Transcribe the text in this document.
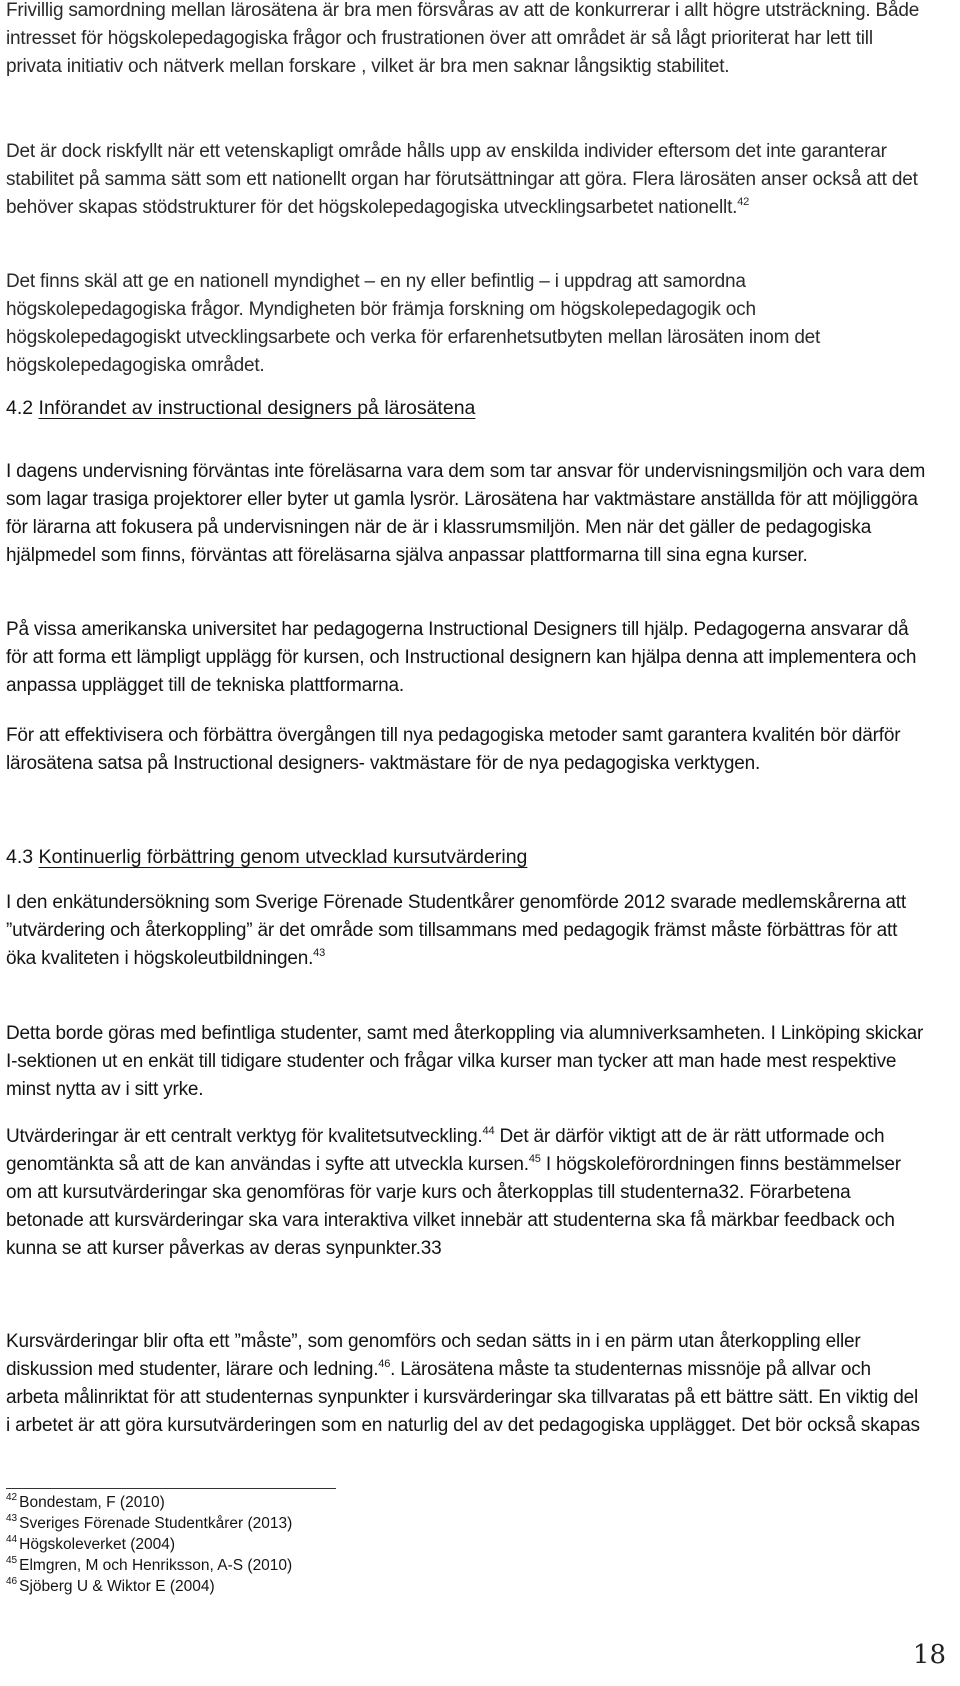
Frivillig samordning mellan lärosätena är bra men försvåras av att de konkurrerar i allt högre utsträckning. Både intresset för högskolepedagogiska frågor och frustrationen över att området är så lågt prioriterat har lett till privata initiativ och nätverk mellan forskare , vilket är bra men saknar långsiktig stabilitet.

Det är dock riskfyllt när ett vetenskapligt område hålls upp av enskilda individer eftersom det inte garanterar stabilitet på samma sätt som ett nationellt organ har förutsättningar att göra. Flera lärosäten anser också att det behöver skapas stödstrukturer för det högskolepedagogiska utvecklingsarbetet nationellt.$^{42}$

Det finns skäl att ge en nationell myndighet – en ny eller befintlig – i uppdrag att samordna högskolepedagogiska frågor. Myndigheten bör främja forskning om högskolepedagogik och högskolepedagogiskt utvecklingsarbete och verka för erfarenhetsutbyten mellan lärosäten inom det högskolepedagogiska området.

4.2 Införandet av instructional designers på lärosätena

I dagens undervisning förväntas inte föreläsarna vara dem som tar ansvar för undervisningsmiljön och vara dem som lagar trasiga projektorer eller byter ut gamla lysrör. Lärosätena har vaktmästare anställda för att möjliggöra för lärarna att fokusera på undervisningen när de är i klassrumsmiljön. Men när det gäller de pedagogiska hjälpmedel som finns, förväntas att föreläsarna själva anpassar plattformarna till sina egna kurser.

På vissa amerikanska universitet har pedagogerna Instructional Designers till hjälp. Pedagogerna ansvarar då för att forma ett lämpligt upplägg för kursen, och Instructional designern kan hjälpa denna att implementera och anpassa upplägget till de tekniska plattformarna.

För att effektivisera och förbättra övergången till nya pedagogiska metoder samt garantera kvalitén bör därför lärosätena satsa på Instructional designers- vaktmästare för de nya pedagogiska verktygen.

4.3 Kontinuerlig förbättring genom utvecklad kursutvärdering

I den enkätundersökning som Sverige Förenade Studentkårer genomförde 2012 svarade medlemskårerna att ”utvärdering och återkoppling” är det område som tillsammans med pedagogik främst måste förbättras för att öka kvaliteten i högskoleutbildningen.$^{43}$

Detta borde göras med befintliga studenter, samt med återkoppling via alumniverksamheten. I Linköping skickar I-sektionen ut en enkät till tidigare studenter och frågar vilka kurser man tycker att man hade mest respektive minst nytta av i sitt yrke.

Utvärderingar är ett centralt verktyg för kvalitetsutveckling.$^{44}$ Det är därför viktigt att de är rätt utformade och genomtänkta så att de kan användas i syfte att utveckla kursen.$^{45}$ I högskoleförordningen finns bestämmelser om att kursutvärderingar ska genomföras för varje kurs och återkopplas till studenterna32. Förarbetena betonade att kursvärderingar ska vara interaktiva vilket innebär att studenterna ska få märkbar feedback och kunna se att kurser påverkas av deras synpunkter.33

Kursvärderingar blir ofta ett ”måste”, som genomförs och sedan sätts in i en pärm utan återkoppling eller diskussion med studenter, lärare och ledning.$^{46}$. Lärosätena måste ta studenternas missnöje på allvar och arbeta målinriktat för att studenternas synpunkter i kursvärderingar ska tillvaratas på ett bättre sätt. En viktig del i arbetet är att göra kursutvärderingen som en naturlig del av det pedagogiska upplägget. Det bör också skapas

$^{42}$ Bondestam, F (2010)
$^{43}$ Sveriges Förenade Studentkårer (2013)
$^{44}$ Högskoleverket (2004)
$^{45}$ Elmgren, M och Henriksson, A-S (2010)
$^{46}$ Sjöberg U & Wiktor E (2004)
18
